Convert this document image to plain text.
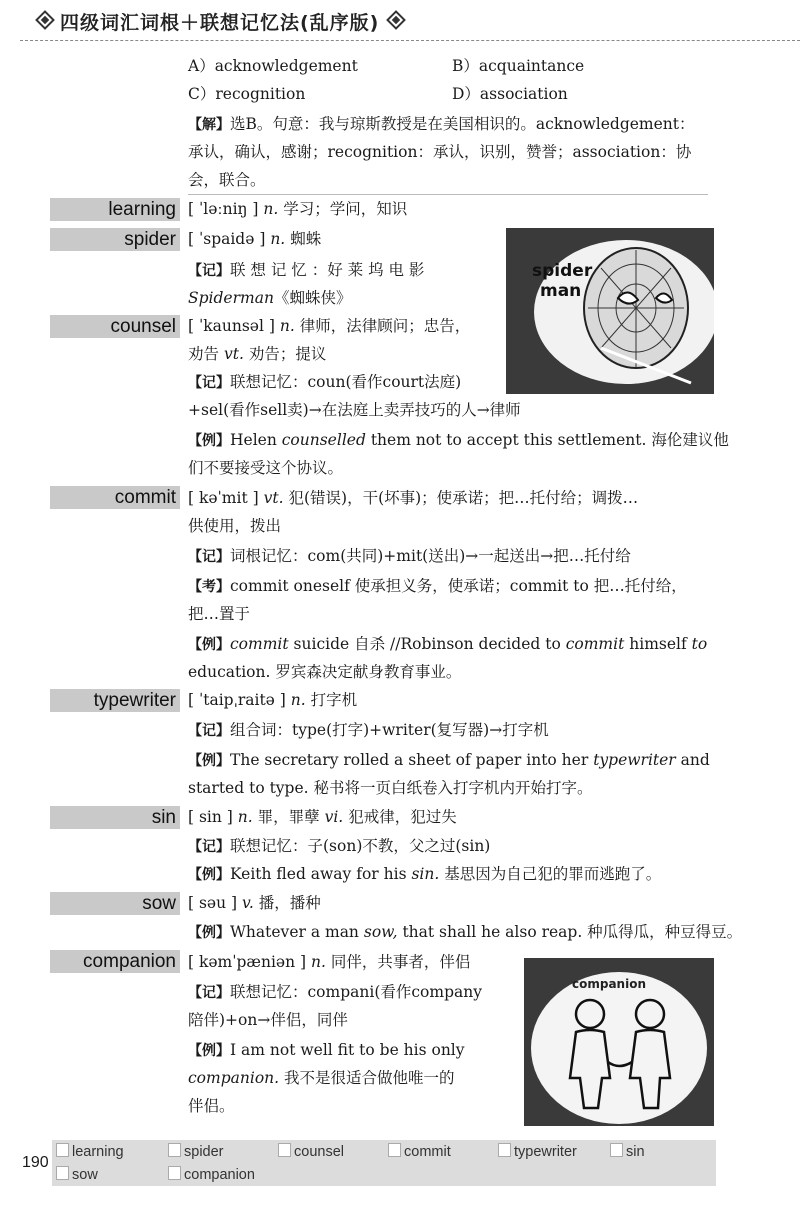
四级词汇词根＋联想记忆法(乱序版)
A）acknowledgement	B）acquaintance
C）recognition	D）association
【解】选B。句意：我与琼斯教授是在美国相识的。acknowledgement：
承认，确认，感谢；recognition：承认，识别，赞誉；association：协
会，联合。
learning [ ˈləːniŋ ] n. 学习；学问，知识
spider [ ˈspaidə ] n. 蜘蛛
【记】联 想 记 忆 ：好 莱 坞 电 影
Spiderman《蜘蛛侠》
spider
man
counsel [ ˈkaunsəl ] n. 律师，法律顾问；忠告，
劝告 vt. 劝告；提议
【记】联想记忆：coun(看作court法庭)
+sel(看作sell卖)→在法庭上卖弄技巧的人→律师
【例】Helen counselled them not to accept this settlement. 海伦建议他
们不要接受这个协议。
commit [ kəˈmit ] vt. 犯(错误)，干(坏事)；使承诺；把…托付给；调拨…
供使用，拨出
【记】词根记忆：com(共同)+mit(送出)→一起送出→把…托付给
【考】commit oneself 使承担义务，使承诺；commit to 把…托付给，
把…置于
【例】commit suicide 自杀 //Robinson decided to commit himself to
education. 罗宾森决定献身教育事业。
typewriter [ ˈtaipˌraitə ] n. 打字机
【记】组合词：type(打字)+writer(复写器)→打字机
【例】The secretary rolled a sheet of paper into her typewriter and
started to type. 秘书将一页白纸卷入打字机内开始打字。
sin [ sin ] n. 罪，罪孽 vi. 犯戒律，犯过失
【记】联想记忆：子(son)不教，父之过(sin)
【例】Keith fled away for his sin. 基思因为自己犯的罪而逃跑了。
sow [ səu ] v. 播，播种
【例】Whatever a man sow, that shall he also reap. 种瓜得瓜，种豆得豆。
companion [ kəmˈpæniən ] n. 同伴，共事者，伴侣
【记】联想记忆：compani(看作company
陪伴)+on→伴侣，同伴
【例】I am not well fit to be his only
companion. 我不是很适合做他唯一的
伴侣。
companion
190
learning	spider	counsel	commit	typewriter	sin
sow	companion
